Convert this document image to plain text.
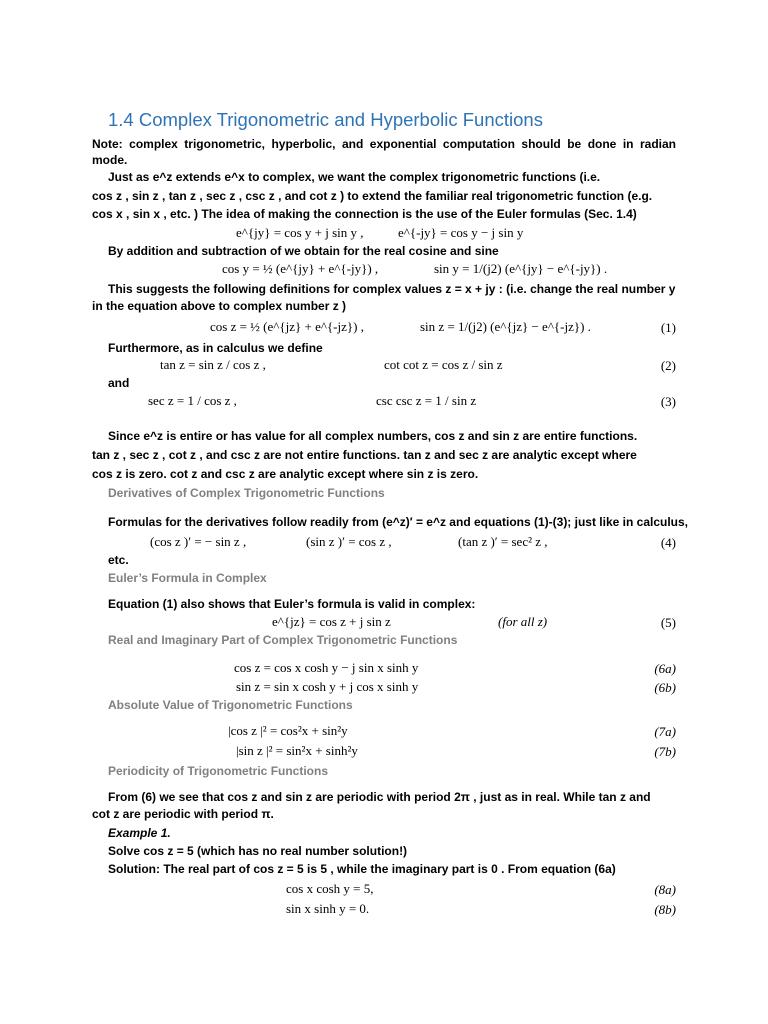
1.4 Complex Trigonometric and Hyperbolic Functions
Note: complex trigonometric, hyperbolic, and exponential computation should be done in radian
mode.
Just as e^z extends e^x to complex, we want the complex trigonometric functions (i.e.
cos z , sin z , tan z , sec z , csc z , and cot z ) to extend the familiar real trigonometric function (e.g.
cos x , sin x , etc. ) The idea of making the connection is the use of the Euler formulas (Sec. 1.4)
e^{jy} = cos y + j sin y ,	e^{-jy} = cos y − j sin y
By addition and subtraction of we obtain for the real cosine and sine
cos y = ½ (e^{jy} + e^{-jy}) ,	sin y = 1/(j2) (e^{jy} − e^{-jy}) .
This suggests the following definitions for complex values z = x + jy : (i.e. change the real number y
in the equation above to complex number z )
cos z = ½ (e^{jz} + e^{-jz}) ,	sin z = 1/(j2) (e^{jz} − e^{-jz}) .	(1)
Furthermore, as in calculus we define
tan z = sin z / cos z ,	cot cot z = cos z / sin z	(2)
and
sec z = 1 / cos z ,	csc csc z = 1 / sin z	(3)
Since e^z is entire or has value for all complex numbers, cos z and sin z are entire functions.
tan z , sec z , cot z , and csc z are not entire functions. tan z and sec z are analytic except where
cos z is zero. cot z and csc z are analytic except where sin z is zero.
Derivatives of Complex Trigonometric Functions
Formulas for the derivatives follow readily from (e^z)′ = e^z and equations (1)-(3); just like in calculus,
(cos z )′ = − sin z ,	(sin z )′ = cos z ,	(tan z )′ = sec² z ,	(4)
etc.
Euler’s Formula in Complex
Equation (1) also shows that Euler’s formula is valid in complex:
e^{jz} = cos z + j sin z	(for all z)	(5)
Real and Imaginary Part of Complex Trigonometric Functions
cos z = cos x cosh y − j sin x sinh y	(6a)
sin z = sin x cosh y + j cos x sinh y	(6b)
Absolute Value of Trigonometric Functions
|cos z |² = cos²x + sin²y	(7a)
|sin z |² = sin²x + sinh²y	(7b)
Periodicity of Trigonometric Functions
From (6) we see that cos z and sin z are periodic with period 2π , just as in real. While tan z and
cot z are periodic with period π.
Example 1.
Solve cos z = 5 (which has no real number solution!)
Solution: The real part of cos z = 5 is 5 , while the imaginary part is 0 . From equation (6a)
cos x cosh y = 5,	(8a)
sin x sinh y = 0.	(8b)
